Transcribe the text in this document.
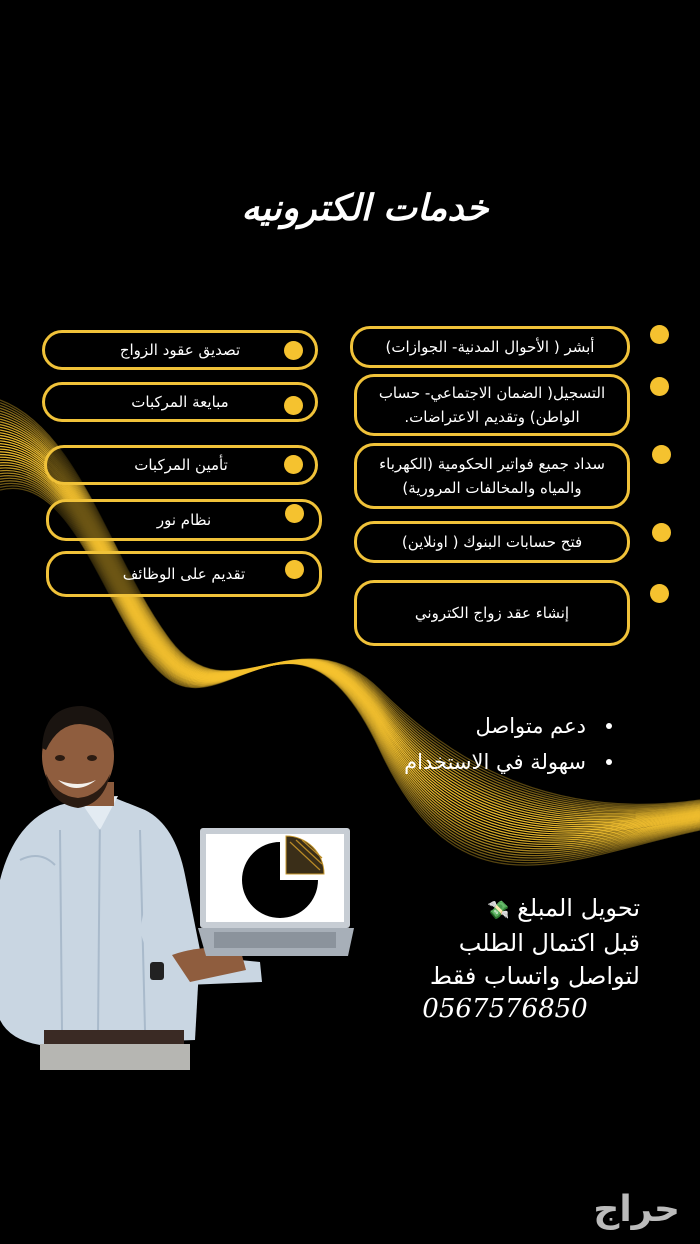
خدمات الكترونيه
أبشر ( الأحوال المدنية- الجوازات)
التسجيل( الضمان الاجتماعي- حساب الواطن) وتقديم الاعتراضات.
سداد جميع فواتير الحكومية (الكهرباء والمياه والمخالفات المرورية)
فتح حسابات البنوك ( اونلاين)
إنشاء عقد زواج الكتروني
تصديق عقود الزواج
مبايعة المركبات
تأمين المركبات
نظام نور
تقديم على الوظائف
دعم متواصل
سهولة في الاستخدام
تحويل المبلغ 💸
قبل اكتمال الطلب
لتواصل واتساب فقط
0567576850
حراج
